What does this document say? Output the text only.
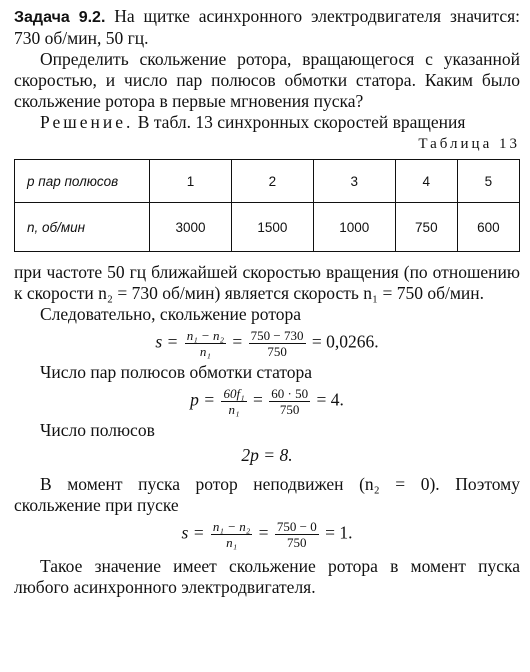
Задача 9.2. На щитке асинхронного электродвигателя значится: 730 об/мин, 50 гц.

Определить скольжение ротора, вращающегося с указанной скоростью, и число пар полюсов обмотки статора. Каким было скольжение ротора в первые мгновения пуска?

Решение. В табл. 13 синхронных скоростей вращения

Таблица 13
p пар полюсов	1	2	3	4	5
n, об/мин	3000	1500	1000	750	600

при частоте 50 гц ближайшей скоростью вращения (по отношению к скорости n₂ = 730 об/мин) является скорость n₁ = 750 об/мин.

Следовательно, скольжение ротора

$s = \frac{\text{n₁ − n₂}}{\text{n₁}} = \frac{750 - 730}{750} = 0,0266$.

Число пар полюсов обмотки статора

$p = \frac{\text{60f₁}}{\text{n₁}} = \frac{60 \cdot 50}{750} = 4$.

Число полюсов

2p = 8.

В момент пуска ротор неподвижен (n₂ = 0). Поэтому скольжение при пуске

$s = \frac{\text{n₁ − n₂}}{\text{n₁}} = \frac{750 - 0}{750} = 1$.

Такое значение имеет скольжение ротора в момент пуска любого асинхронного электродвигателя.
